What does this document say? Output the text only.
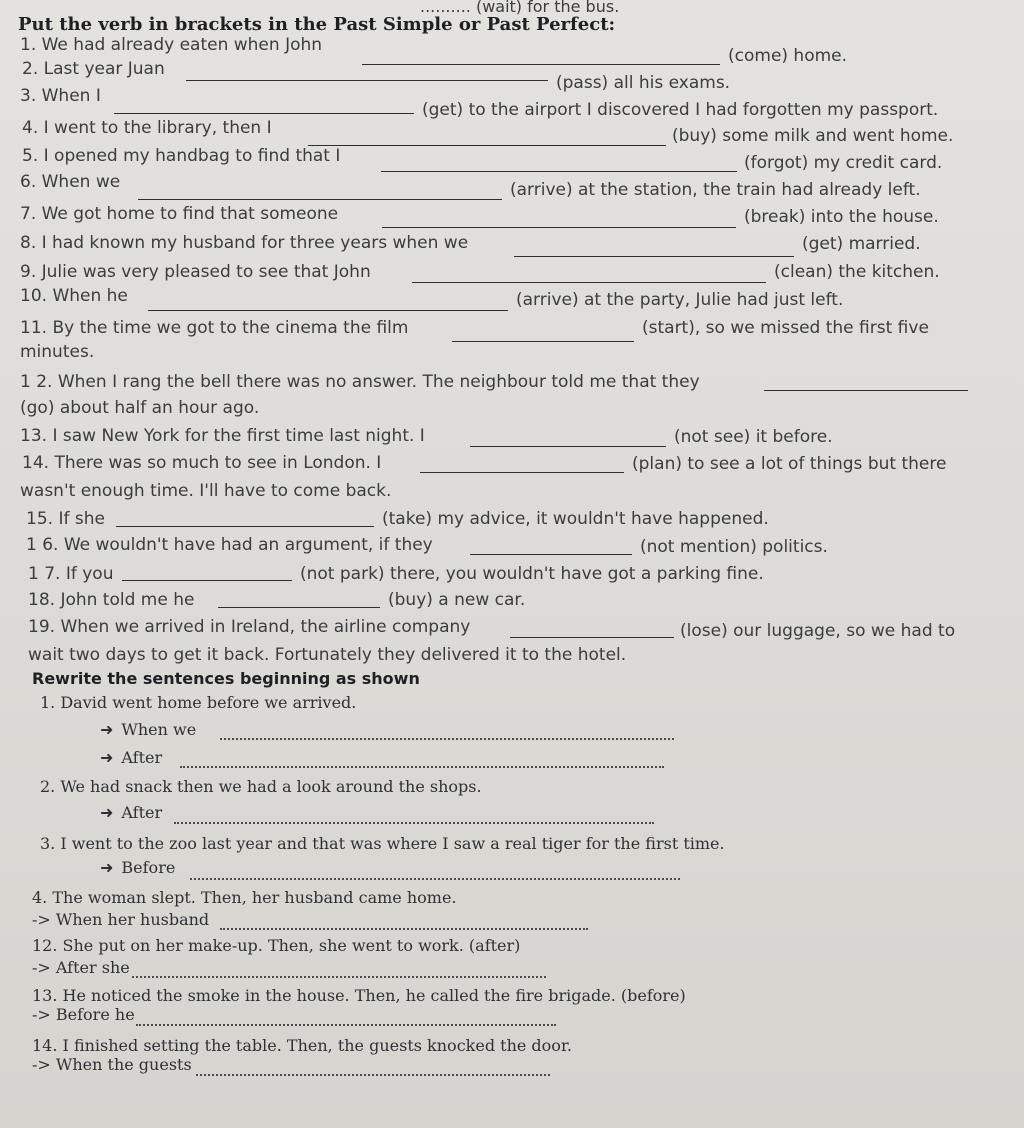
.......... (wait) for the bus.
Put the verb in brackets in the Past Simple or Past Perfect:
1. We had already eaten when John
(come) home.
2. Last year Juan
(pass) all his exams.
3. When I
(get) to the airport I discovered I had forgotten my passport.
4. I went to the library, then I	(buy) some milk and went home.
5. I opened my handbag to find that I	(forgot) my credit card.
6. When we	(arrive) at the station, the train had already left.
7. We got home to find that someone	(break) into the house.
8. I had known my husband for three years when we	(get) married.
9. Julie was very pleased to see that John	(clean) the kitchen.
10. When he	(arrive) at the party, Julie had just left.
11. By the time we got to the cinema the film	(start), so we missed the first five
minutes.
1 2. When I rang the bell there was no answer. The neighbour told me that they
(go) about half an hour ago.
13. I saw New York for the first time last night. I	(not see) it before.
14. There was so much to see in London. I	(plan) to see a lot of things but there
wasn't enough time. I'll have to come back.
15. If she	(take) my advice, it wouldn't have happened.
1 6. We wouldn't have had an argument, if they	(not mention) politics.
1 7. If you	(not park) there, you wouldn't have got a parking fine.
18. John told me he	(buy) a new car.
19. When we arrived in Ireland, the airline company	(lose) our luggage, so we had to
wait two days to get it back. Fortunately they delivered it to the hotel.
Rewrite the sentences beginning as shown
1. David went home before we arrived.
➜ When we
➜ After
2. We had snack then we had a look around the shops.
➜ After
3. I went to the zoo last year and that was where I saw a real tiger for the first time.
➜ Before
4. The woman slept. Then, her husband came home.
-> When her husband
12. She put on her make-up. Then, she went to work. (after)
-> After she
13. He noticed the smoke in the house. Then, he called the fire brigade. (before)
-> Before he
14. I finished setting the table. Then, the guests knocked the door.
-> When the guests
